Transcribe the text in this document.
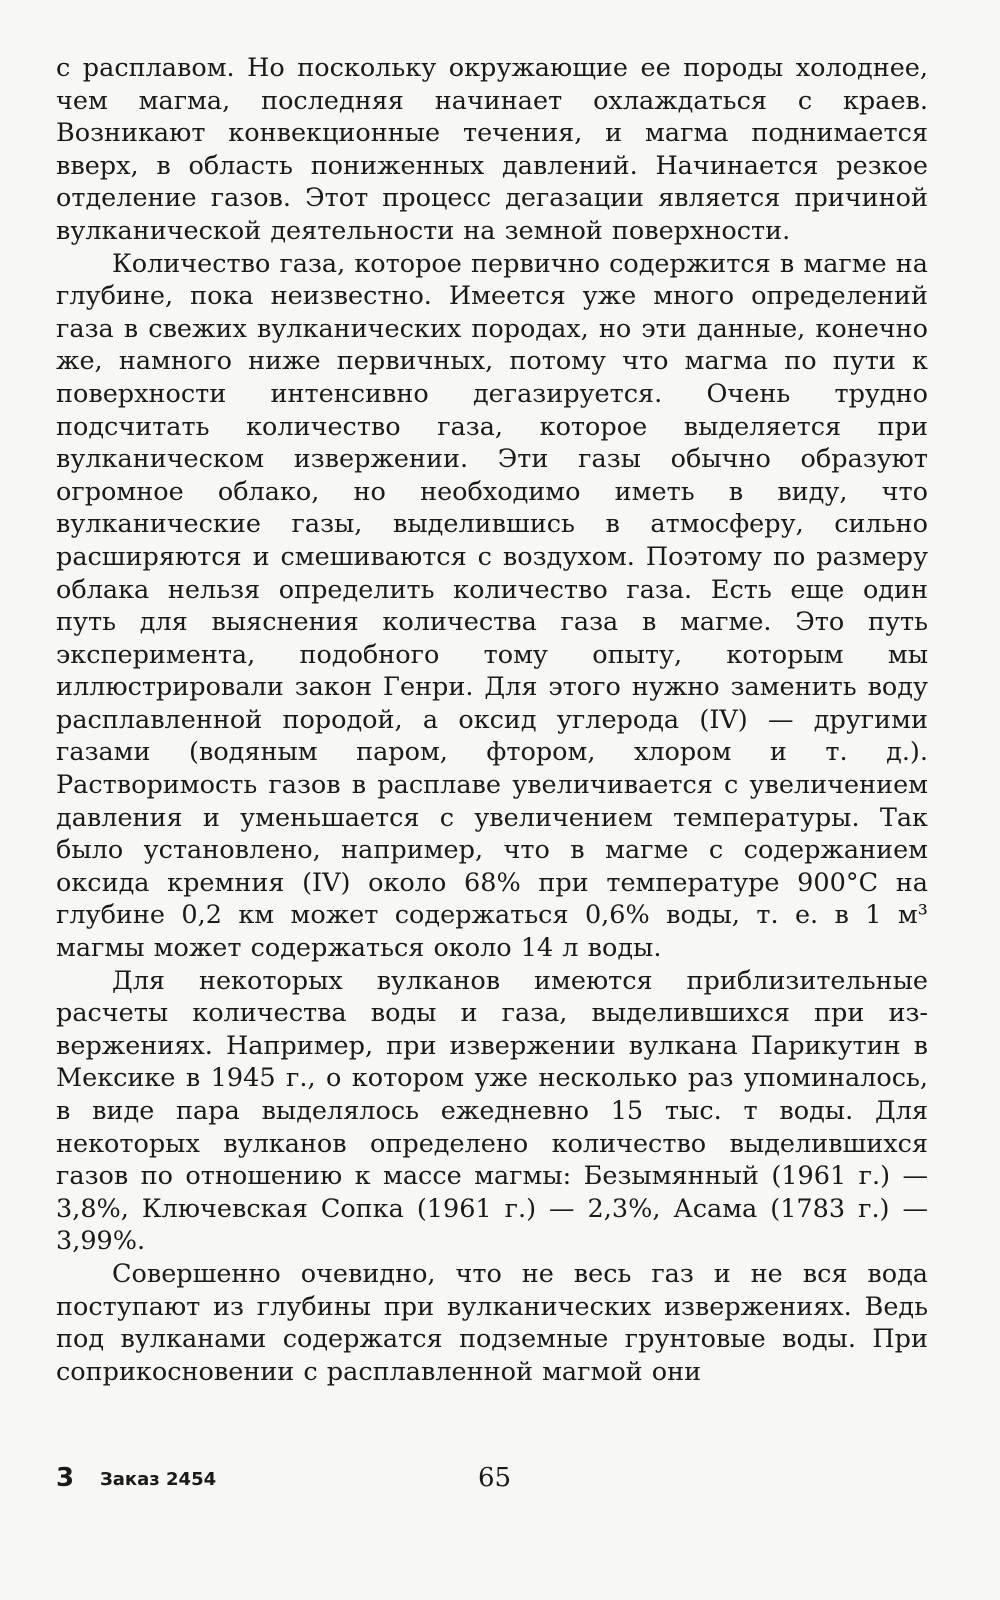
с расплавом. Но поскольку окружающие ее породы холоднее, чем магма, последняя начинает охлаждаться с краев. Возникают конвекционные течения, и магма поднимается вверх, в область пониженных давлений. Начинается резкое отделение газов. Этот процесс дегазации является причиной вулканической деятельности на земной поверхности.

Количество газа, которое первично содержится в магме на глубине, пока неизвестно. Имеется уже много определений газа в свежих вулканических породах, но эти данные, конечно же, намного ниже первичных, потому что магма по пути к поверхности интенсивно дегазируется. Очень трудно подсчитать количество газа, которое выделяется при вулканическом извержении. Эти газы обычно образуют огромное облако, но необходимо иметь в виду, что вулканические газы, выделившись в атмосферу, сильно расширяются и смешиваются с воздухом. Поэтому по размеру облака нельзя определить количество газа. Есть еще один путь для выяснения количества газа в магме. Это путь эксперимента, подобного тому опыту, которым мы иллюстрировали закон Генри. Для этого нужно заменить воду расплавленной породой, а оксид углерода (IV) — другими газами (водяным паром, фтором, хлором и т. д.). Растворимость газов в расплаве увеличивается с увеличением давления и уменьшается с увеличением температуры. Так было установлено, например, что в магме с содержанием оксида кремния (IV) около 68% при температуре 900°С на глубине 0,2 км может содержаться 0,6% воды, т. е. в 1 м³ магмы может содержаться около 14 л воды.

Для некоторых вулканов имеются приблизительные расчеты количества воды и газа, выделившихся при извержениях. Например, при извержении вулкана Парикутин в Мексике в 1945 г., о котором уже несколько раз упоминалось, в виде пара выделялось ежедневно 15 тыс. т воды. Для некоторых вулканов определено количество выделившихся газов по отношению к массе магмы: Безымянный (1961 г.) — 3,8%, Ключевская Сопка (1961 г.) — 2,3%, Асама (1783 г.) — 3,99%.

Совершенно очевидно, что не весь газ и не вся вода поступают из глубины при вулканических извержениях. Ведь под вулканами содержатся подземные грунтовые воды. При соприкосновении с расплавленной магмой они

3 Заказ 2454	65
